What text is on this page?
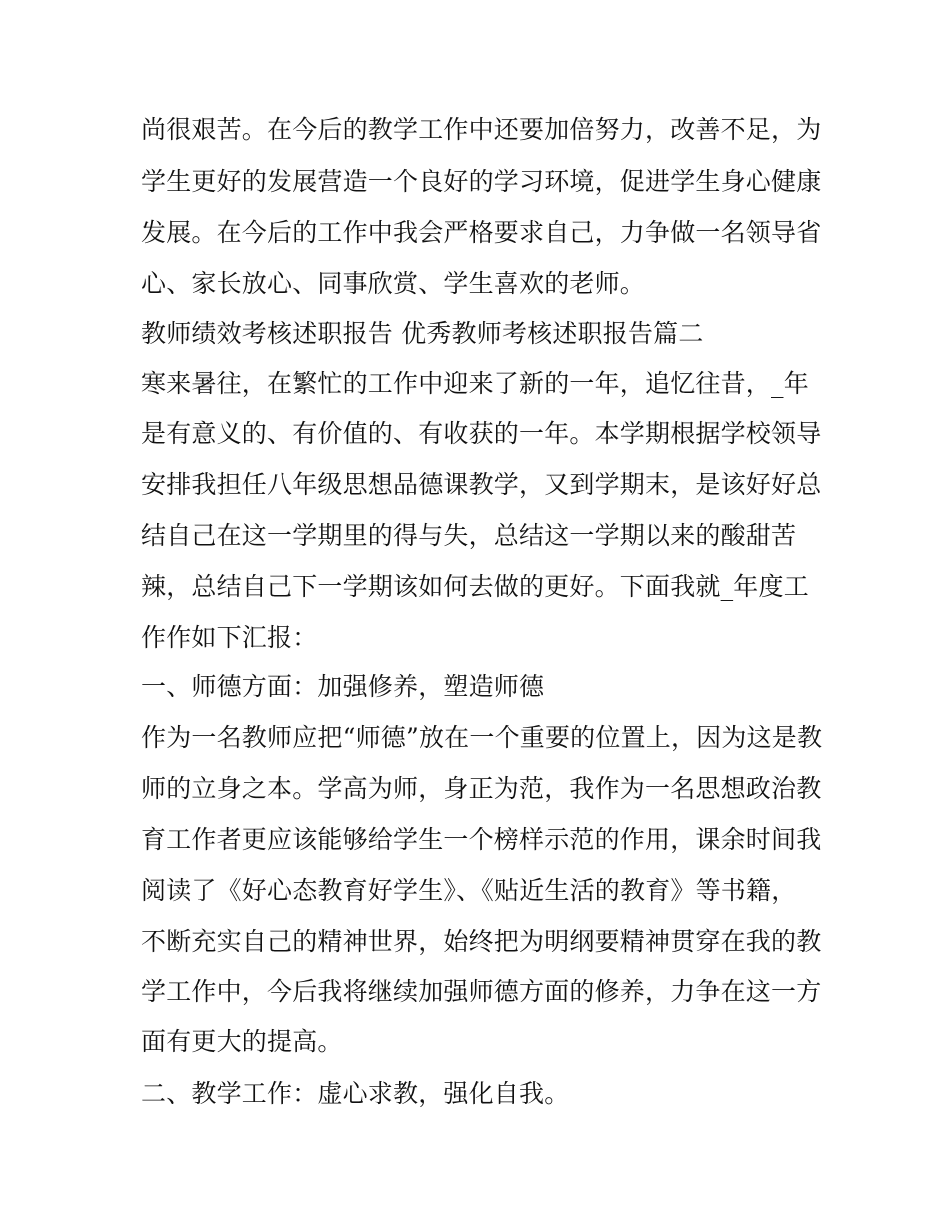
尚很艰苦。在今后的教学工作中还要加倍努力，改善不足，为
学生更好的发展营造一个良好的学习环境，促进学生身心健康
发展。在今后的工作中我会严格要求自己，力争做一名领导省
心、家长放心、同事欣赏、学生喜欢的老师。
教师绩效考核述职报告 优秀教师考核述职报告篇二
寒来暑往，在繁忙的工作中迎来了新的一年，追忆往昔，_年
是有意义的、有价值的、有收获的一年。本学期根据学校领导
安排我担任八年级思想品德课教学，又到学期末，是该好好总
结自己在这一学期里的得与失，总结这一学期以来的酸甜苦
辣，总结自己下一学期该如何去做的更好。下面我就_年度工
作作如下汇报：
一、师德方面：加强修养，塑造师德
作为一名教师应把“师德”放在一个重要的位置上，因为这是教
师的立身之本。学高为师，身正为范，我作为一名思想政治教
育工作者更应该能够给学生一个榜样示范的作用，课余时间我
阅读了《好心态教育好学生》、《贴近生活的教育》等书籍，
不断充实自己的精神世界，始终把为明纲要精神贯穿在我的教
学工作中，今后我将继续加强师德方面的修养，力争在这一方
面有更大的提高。
二、教学工作：虚心求教，强化自我。
